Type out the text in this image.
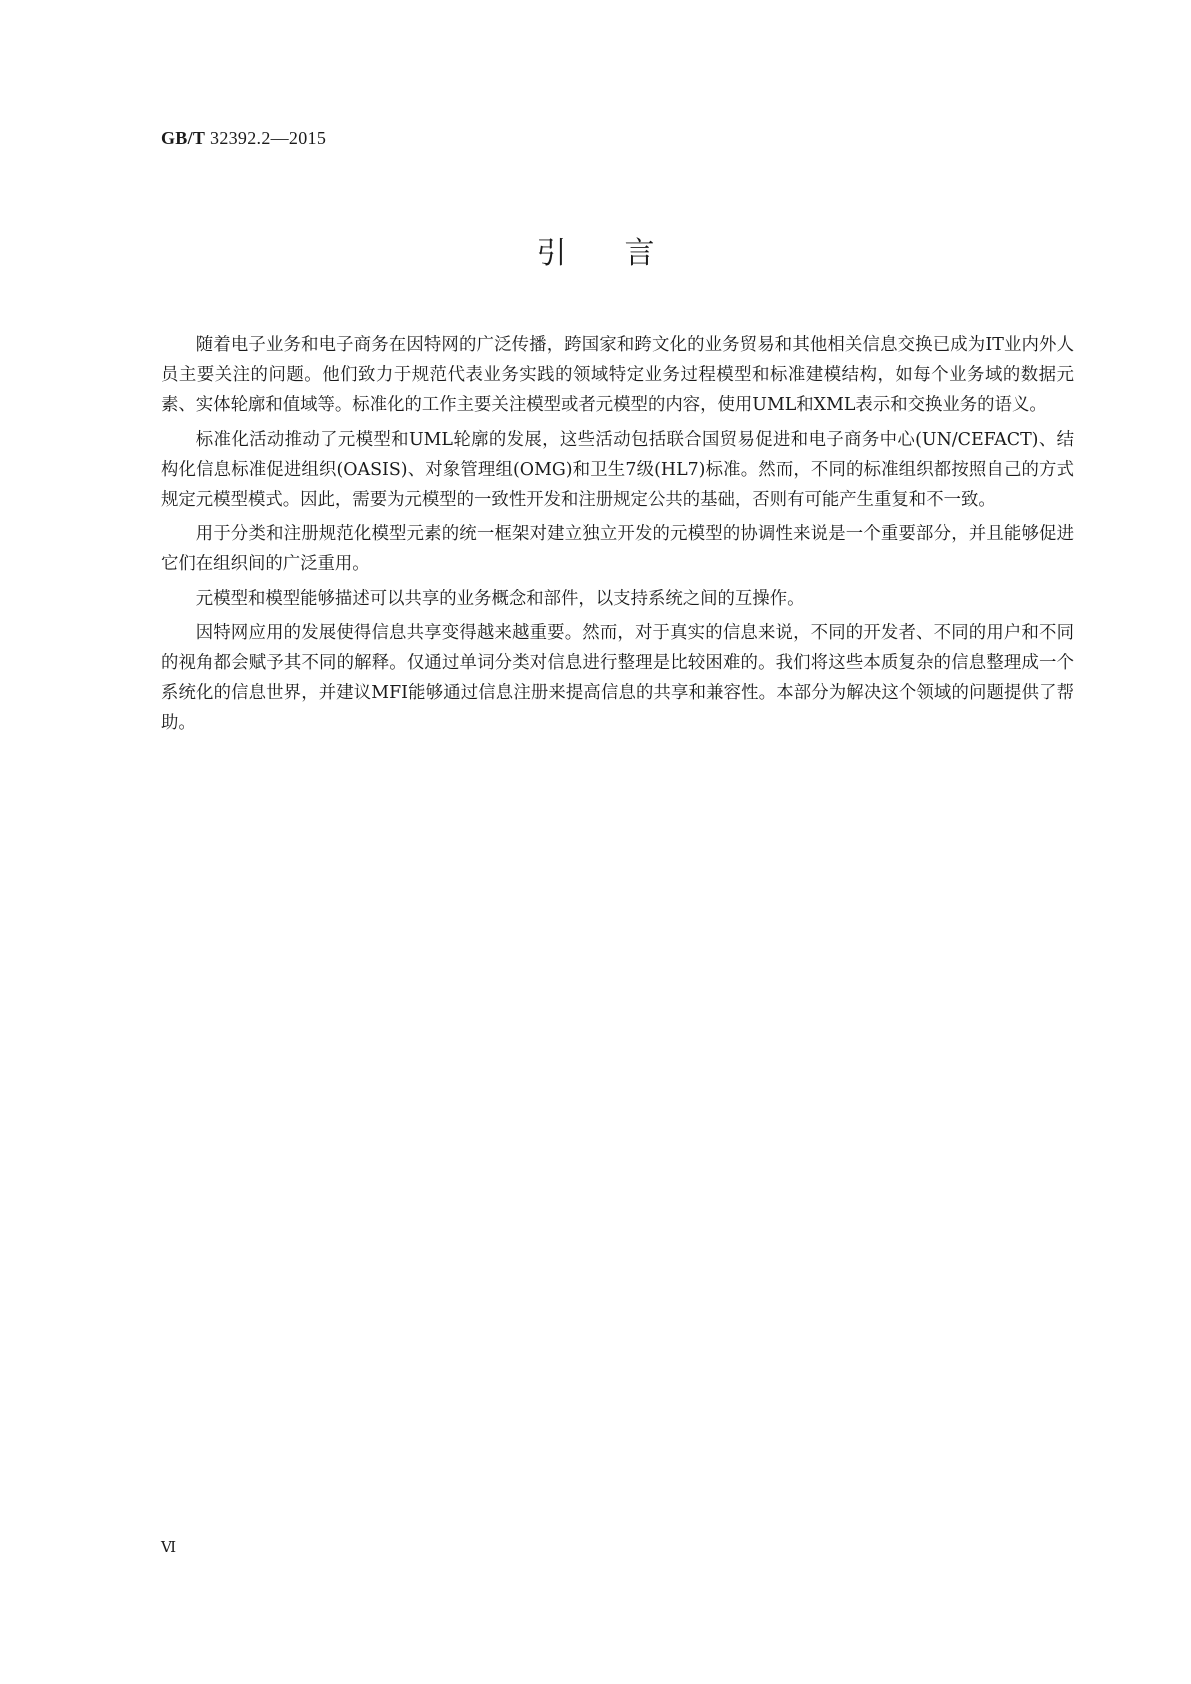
GB/T 32392.2—2015
引 言

随着电子业务和电子商务在因特网的广泛传播，跨国家和跨文化的业务贸易和其他相关信息交换已成为IT业内外人员主要关注的问题。他们致力于规范代表业务实践的领域特定业务过程模型和标准建模结构，如每个业务域的数据元素、实体轮廓和值域等。标准化的工作主要关注模型或者元模型的内容，使用UML和XML表示和交换业务的语义。

标准化活动推动了元模型和UML轮廓的发展，这些活动包括联合国贸易促进和电子商务中心(UN/CEFACT)、结构化信息标准促进组织(OASIS)、对象管理组(OMG)和卫生7级(HL7)标准。然而，不同的标准组织都按照自己的方式规定元模型模式。因此，需要为元模型的一致性开发和注册规定公共的基础，否则有可能产生重复和不一致。

用于分类和注册规范化模型元素的统一框架对建立独立开发的元模型的协调性来说是一个重要部分，并且能够促进它们在组织间的广泛重用。

元模型和模型能够描述可以共享的业务概念和部件，以支持系统之间的互操作。

因特网应用的发展使得信息共享变得越来越重要。然而，对于真实的信息来说，不同的开发者、不同的用户和不同的视角都会赋予其不同的解释。仅通过单词分类对信息进行整理是比较困难的。我们将这些本质复杂的信息整理成一个系统化的信息世界，并建议MFI能够通过信息注册来提高信息的共享和兼容性。本部分为解决这个领域的问题提供了帮助。

Ⅵ
